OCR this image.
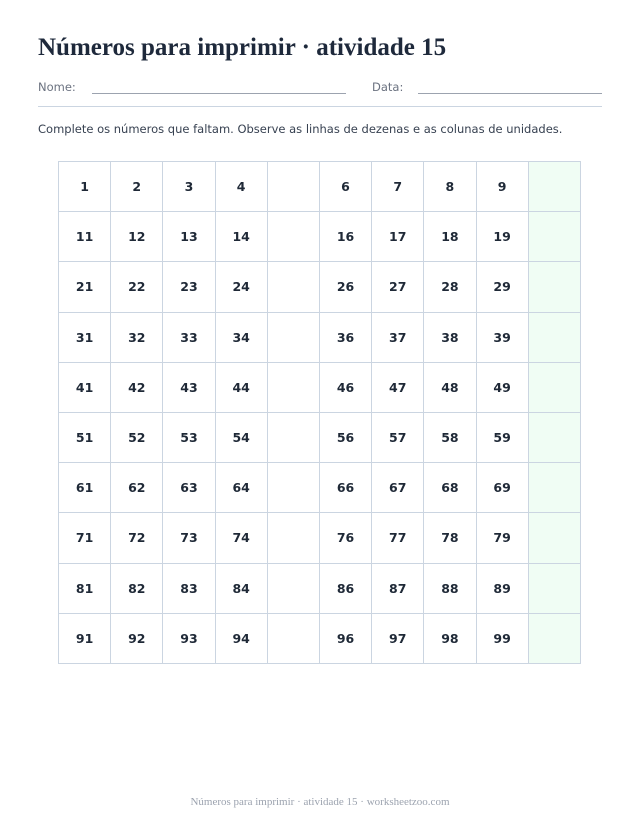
Números para imprimir · atividade 15
Nome:	Data:
Complete os números que faltam. Observe as linhas de dezenas e as colunas de unidades.
1	2	3	4		6	7	8	9	
11	12	13	14		16	17	18	19	
21	22	23	24		26	27	28	29	
31	32	33	34		36	37	38	39	
41	42	43	44		46	47	48	49	
51	52	53	54		56	57	58	59	
61	62	63	64		66	67	68	69	
71	72	73	74		76	77	78	79	
81	82	83	84		86	87	88	89	
91	92	93	94		96	97	98	99	
Números para imprimir · atividade 15 · worksheetzoo.com
